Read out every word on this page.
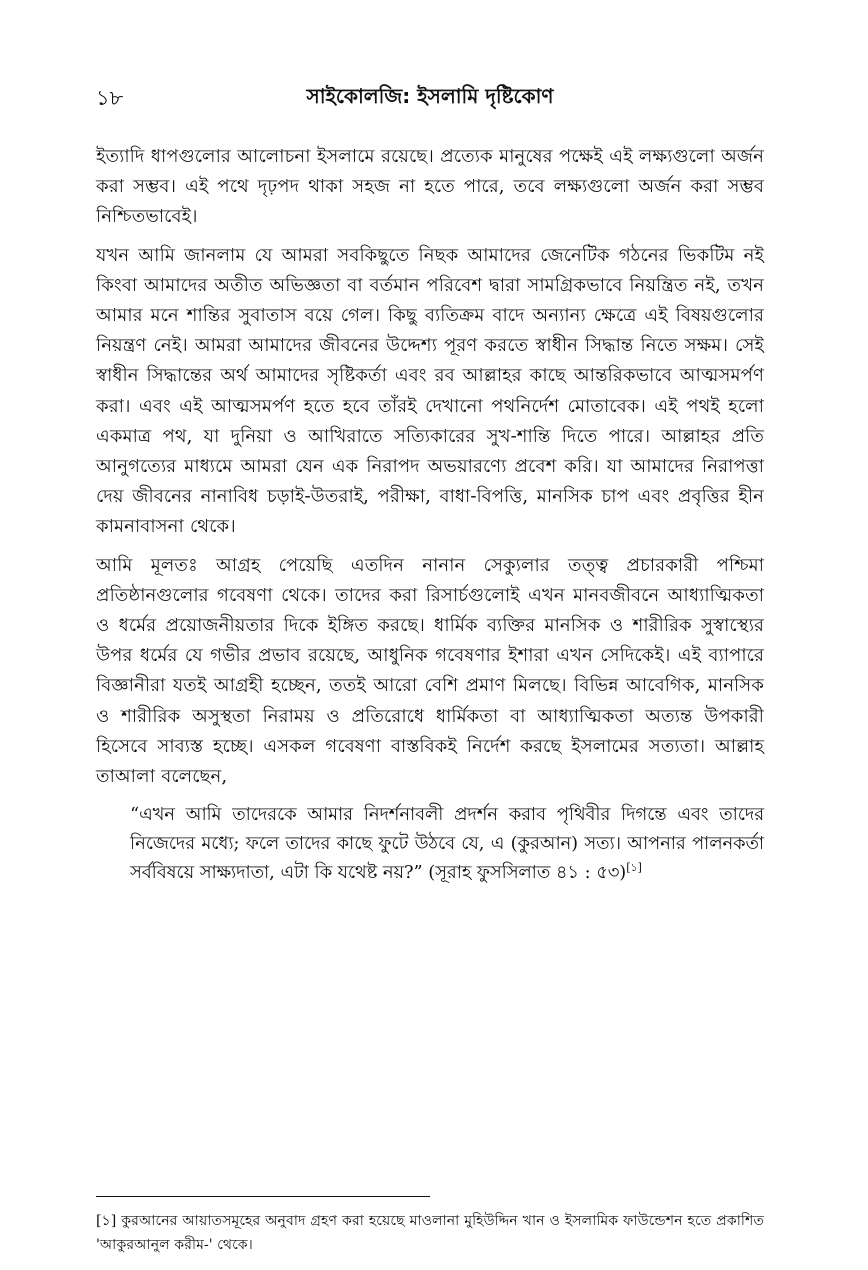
১৮	সাইকোলজি: ইসলামি দৃষ্টিকোণ

ইত্যাদি ধাপগুলোর আলোচনা ইসলামে রয়েছে। প্রত্যেক মানুষের পক্ষেই এই লক্ষ্যগুলো অর্জন করা সম্ভব। এই পথে দৃঢ়পদ থাকা সহজ না হতে পারে, তবে লক্ষ্যগুলো অর্জন করা সম্ভব নিশ্চিতভাবেই।

যখন আমি জানলাম যে আমরা সবকিছুতে নিছক আমাদের জেনেটিক গঠনের ভিকটিম নই কিংবা আমাদের অতীত অভিজ্ঞতা বা বর্তমান পরিবেশ দ্বারা সামগ্রিকভাবে নিয়ন্ত্রিত নই, তখন আমার মনে শান্তির সুবাতাস বয়ে গেল। কিছু ব্যতিক্রম বাদে অন্যান্য ক্ষেত্রে এই বিষয়গুলোর নিয়ন্ত্রণ নেই। আমরা আমাদের জীবনের উদ্দেশ্য পূরণ করতে স্বাধীন সিদ্ধান্ত নিতে সক্ষম। সেই স্বাধীন সিদ্ধান্তের অর্থ আমাদের সৃষ্টিকর্তা এবং রব আল্লাহর কাছে আন্তরিকভাবে আত্মসমর্পণ করা। এবং এই আত্মসমর্পণ হতে হবে তাঁরই দেখানো পথনির্দেশ মোতাবেক। এই পথই হলো একমাত্র পথ, যা দুনিয়া ও আখিরাতে সত্যিকারের সুখ-শান্তি দিতে পারে। আল্লাহর প্রতি আনুগত্যের মাধ্যমে আমরা যেন এক নিরাপদ অভয়ারণ্যে প্রবেশ করি। যা আমাদের নিরাপত্তা দেয় জীবনের নানাবিধ চড়াই-উতরাই, পরীক্ষা, বাধা-বিপত্তি, মানসিক চাপ এবং প্রবৃত্তির হীন কামনাবাসনা থেকে।

আমি মূলতঃ আগ্রহ পেয়েছি এতদিন নানান সেক্যুলার তত্ত্ব প্রচারকারী পশ্চিমা প্রতিষ্ঠানগুলোর গবেষণা থেকে। তাদের করা রিসার্চগুলোই এখন মানবজীবনে আধ্যাত্মিকতা ও ধর্মের প্রয়োজনীয়তার দিকে ইঙ্গিত করছে। ধার্মিক ব্যক্তির মানসিক ও শারীরিক সুস্বাস্থ্যের উপর ধর্মের যে গভীর প্রভাব রয়েছে, আধুনিক গবেষণার ইশারা এখন সেদিকেই। এই ব্যাপারে বিজ্ঞানীরা যতই আগ্রহী হচ্ছেন, ততই আরো বেশি প্রমাণ মিলছে। বিভিন্ন আবেগিক, মানসিক ও শারীরিক অসুস্থতা নিরাময় ও প্রতিরোধে ধার্মিকতা বা আধ্যাত্মিকতা অত্যন্ত উপকারী হিসেবে সাব্যস্ত হচ্ছে। এসকল গবেষণা বাস্তবিকই নির্দেশ করছে ইসলামের সত্যতা। আল্লাহ তাআলা বলেছেন,

“এখন আমি তাদেরকে আমার নিদর্শনাবলী প্রদর্শন করাব পৃথিবীর দিগন্তে এবং তাদের নিজেদের মধ্যে; ফলে তাদের কাছে ফুটে উঠবে যে, এ (কুরআন) সত্য। আপনার পালনকর্তা সর্ববিষয়ে সাক্ষ্যদাতা, এটা কি যথেষ্ট নয়?” (সূরাহ ফুসসিলাত ৪১ : ৫৩)[১]

[১] কুরআনের আয়াতসমূহের অনুবাদ গ্রহণ করা হয়েছে মাওলানা মুহিউদ্দিন খান ও ইসলামিক ফাউন্ডেশন হতে প্রকাশিত 'আকুরআনুল করীম-' থেকে।
